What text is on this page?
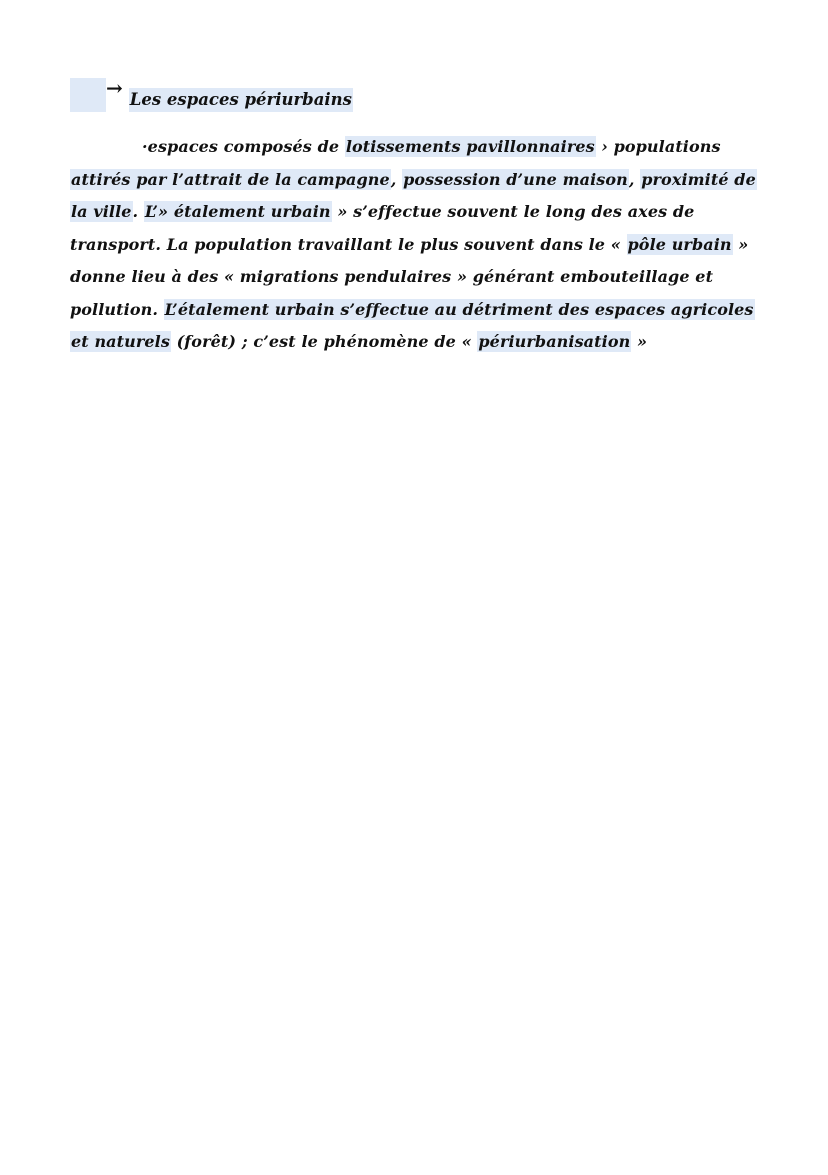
→ Les espaces périurbains
·espaces composés de lotissements pavillonnaires › populations
attirés par l’attrait de la campagne, possession d’une maison, proximité de
la ville. L’» étalement urbain » s’effectue souvent le long des axes de
transport. La population travaillant le plus souvent dans le « pôle urbain »
donne lieu à des « migrations pendulaires » générant embouteillage et
pollution. L’étalement urbain s’effectue au détriment des espaces agricoles
et naturels (forêt) ; c’est le phénomène de « périurbanisation »
